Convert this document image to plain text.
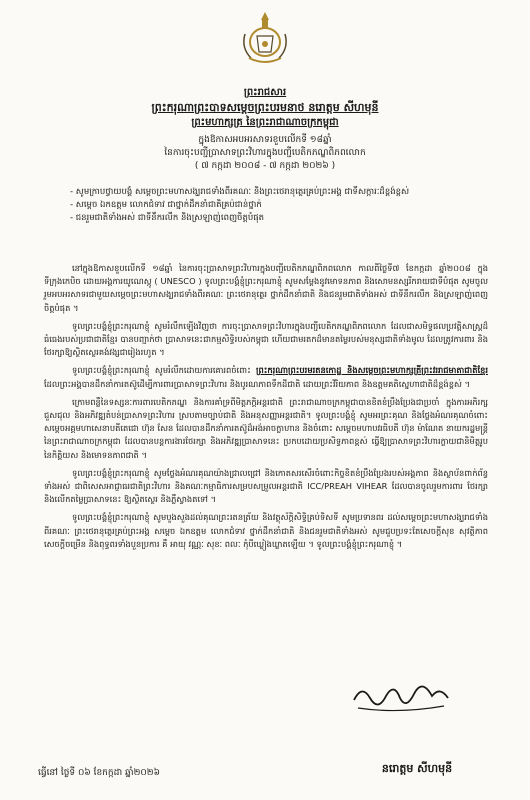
ព្រះរាជសារ
ព្រះករុណាព្រះបាទសម្តេចព្រះបរមនាថ នរោត្តម សីហមុនី
ព្រះមហាក្សត្រ នៃព្រះរាជាណាចក្រកម្ពុជា
ក្នុងឱកាសអបអរសាទរខួបលើកទី ១៨ឆ្នាំ
នៃការចុះបញ្ជីប្រាសាទព្រះវិហារក្នុងបញ្ជីបេតិកភណ្ឌពិភពលោក
( ៧ កក្កដា ២០០៨ - ៧ កក្កដា ២០២៦ )
- សូមក្រាបថ្វាយបង្គំ សម្តេចព្រះមហាសង្ឃរាជទាំងពីរគណៈ និងព្រះថេរានុត្ថេរគ្រប់ព្រះអង្គ ជាទីសក្ការៈដ៏ខ្ពង់ខ្ពស់
- សម្តេច ឯកឧត្តម លោកជំទាវ ជាថ្នាក់ដឹកនាំជាតិគ្រប់ជាន់ថ្នាក់
- ជនរួមជាតិទាំងអស់ ជាទីនឹករលឹក និងស្រឡាញ់ពេញចិត្តបំផុត

នៅក្នុងឱកាសខួបលើកទី ១៨ឆ្នាំ នៃការចុះប្រាសាទព្រះវិហារក្នុងបញ្ជីបេតិកភណ្ឌពិភពលោក កាលពីថ្ងៃទី៧ ខែកក្កដា ឆ្នាំ២០០៨ ក្នុងទីក្រុងកេបិច ដោយអង្គការយូណេស្កូ ( UNESCO ) ទូលព្រះបង្គំខ្ញុំព្រះករុណាខ្ញុំ សូមសម្តែងនូវមោទនភាព និងសោមនស្សរីករាយជាទីបំផុត សូមចូលរួមអបអរសាទរជាមួយសម្តេចព្រះមហាសង្ឃរាជទាំងពីរគណៈ ព្រះថេរានុត្ថេរ ថ្នាក់ដឹកនាំជាតិ និងជនរួមជាតិទាំងអស់ ជាទីនឹករលឹក និងស្រឡាញ់ពេញចិត្តបំផុត ។

ទូលព្រះបង្គំខ្ញុំព្រះករុណាខ្ញុំ សូមរំលឹកឡើងវិញថា ការចុះប្រាសាទព្រះវិហារក្នុងបញ្ជីបេតិកភណ្ឌពិភពលោក ដែលជាសមិទ្ធផលប្រវត្តិសាស្ត្រដ៏ធំធេងរបស់ប្រជាជាតិខ្មែរ បានបញ្ជាក់ថា ប្រាសាទនេះជាកម្មសិទ្ធិរបស់កម្ពុជា ហើយជាមរតកដ៏មានតម្លៃរបស់មនុស្សជាតិទាំងមូល ដែលត្រូវការពារ និងថែរក្សាឱ្យស្ថិតស្ថេរគង់វង្សជារៀងរហូត ។

ទូលព្រះបង្គំខ្ញុំព្រះករុណាខ្ញុំ សូមរំលឹកដោយការគោរពចំពោះ ព្រះករុណាព្រះបរមរតនកោដ្ឋ និងសម្តេចព្រះមហាក្សត្រីព្រះវររាជមាតាជាតិខ្មែរ ដែលព្រះអង្គបានដឹកនាំការតស៊ូដើម្បីការពារប្រាសាទព្រះវិហារ និងបូរណភាពទឹកដីជាតិ ដោយព្រះវិរិយភាព និងឧត្តមគតិស្នេហាជាតិដ៏ខ្ពង់ខ្ពស់ ។

ក្រោមពន្លឺនៃទស្សនៈការពារបេតិកភណ្ឌ និងការគាំទ្រពីមិត្តភក្តិអន្តរជាតិ ព្រះរាជាណាចក្រកម្ពុជាបានខិតខំប្រឹងប្រែងជាប្រចាំ ក្នុងការអភិរក្ស ជួសជុល និងអភិវឌ្ឍតំបន់ប្រាសាទព្រះវិហារ ស្របតាមច្បាប់ជាតិ និងអនុសញ្ញាអន្តរជាតិ។ ទូលព្រះបង្គំខ្ញុំ សូមអរព្រះគុណ និងថ្លែងអំណរគុណចំពោះ សម្តេចអគ្គមហាសេនាបតីតេជោ ហ៊ុន សែន ដែលបានដឹកនាំការតស៊ូដ៏អង់អាចក្លាហាន និងចំពោះ សម្តេចមហាបវរធិបតី ហ៊ុន ម៉ាណែត នាយករដ្ឋមន្ត្រីនៃព្រះរាជាណាចក្រកម្ពុជា ដែលបានបន្តការងារថែរក្សា និងអភិវឌ្ឍប្រាសាទនេះ ប្រកបដោយប្រសិទ្ធភាពខ្ពស់ ធ្វើឱ្យប្រាសាទព្រះវិហារក្លាយជានិមិត្តរូបនៃកិត្តិយស និងមោទនភាពជាតិ ។

ទូលព្រះបង្គំខ្ញុំព្រះករុណាខ្ញុំ សូមថ្លែងអំណរគុណយ៉ាងជ្រាលជ្រៅ និងកោតសរសើរចំពោះកិច្ចខិតខំប្រឹងប្រែងរបស់អង្គភាព និងស្ថាប័នពាក់ព័ន្ធទាំងអស់ ជាពិសេសអាជ្ញាធរជាតិព្រះវិហារ និងគណៈកម្មាធិការសម្របសម្រួលអន្តរជាតិ ICC/PREAH VIHEAR ដែលបានចូលរួមការពារ ថែរក្សា និងលើកតម្លៃប្រាសាទនេះ ឱ្យស្ថិតស្ថេរ និងភ្លឺស្វាងតទៅ ។

ទូលព្រះបង្គំខ្ញុំព្រះករុណាខ្ញុំ សូមបួងសួងដល់គុណព្រះរតនត្រ័យ និងវត្ថុស័ក្តិសិទ្ធិគ្រប់ទិសទី សូមប្រទានពរ ដល់សម្តេចព្រះមហាសង្ឃរាជទាំងពីរគណៈ ព្រះថេរានុត្ថេរគ្រប់ព្រះអង្គ សម្តេច ឯកឧត្តម លោកជំទាវ ថ្នាក់ដឹកនាំជាតិ និងជនរួមជាតិទាំងអស់ សូមជួបប្រទះតែសេចក្តីសុខ សុវត្ថិភាព សេចក្តីចម្រើន និងពុទ្ធពរទាំងបួនប្រការ គឺ អាយុ វណ្ណៈ សុខៈ ពលៈ កុំបីឃ្លៀងឃ្លាតឡើយ ។ ទូលព្រះបង្គំខ្ញុំព្រះករុណាខ្ញុំ ។

ធ្វើនៅ ថ្ងៃទី ០៦ ខែកក្កដា ឆ្នាំ២០២៦	នរោត្តម សីហមុនី
